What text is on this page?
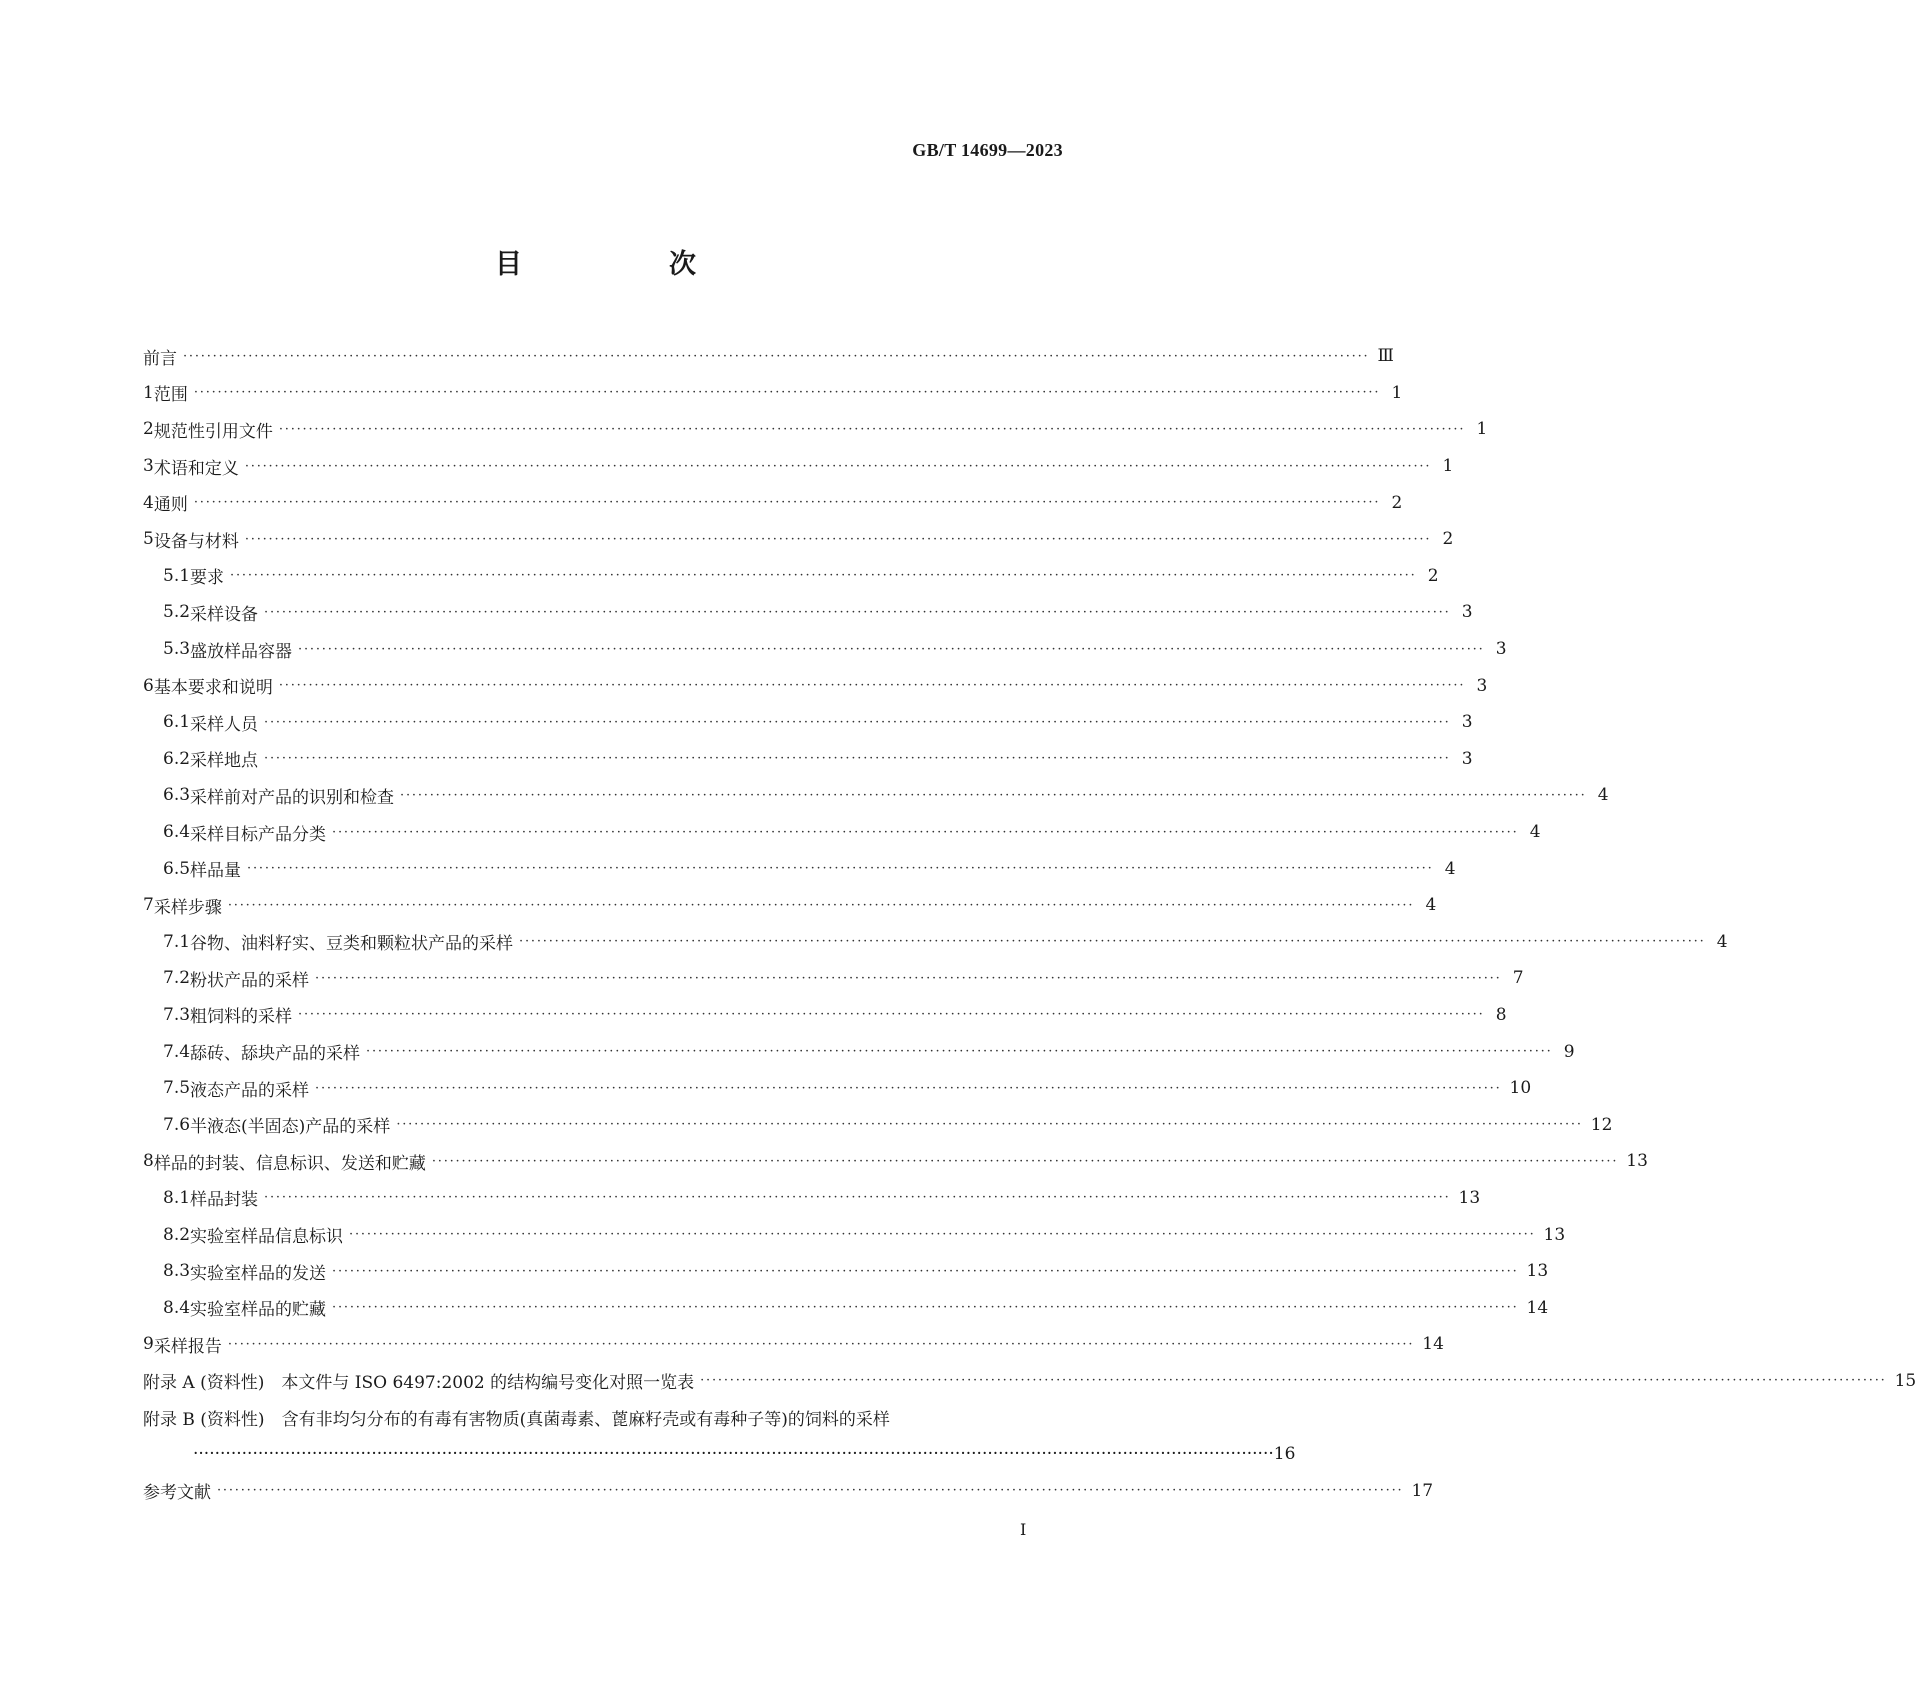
GB/T 14699—2023
目　次
前言 ········································································································································································································ Ⅲ
1 范围 ········································································································································································································ 1
2 规范性引用文件 ········································································································································································································ 1
3 术语和定义 ········································································································································································································ 1
4 通则 ········································································································································································································ 2
5 设备与材料 ········································································································································································································ 2
5.1 要求 ········································································································································································································ 2
5.2 采样设备 ········································································································································································································ 3
5.3 盛放样品容器 ········································································································································································································ 3
6 基本要求和说明 ········································································································································································································ 3
6.1 采样人员 ········································································································································································································ 3
6.2 采样地点 ········································································································································································································ 3
6.3 采样前对产品的识别和检查 ········································································································································································································ 4
6.4 采样目标产品分类 ········································································································································································································ 4
6.5 样品量 ········································································································································································································ 4
7 采样步骤 ········································································································································································································ 4
7.1 谷物、油料籽实、豆类和颗粒状产品的采样 ········································································································································································································ 4
7.2 粉状产品的采样 ········································································································································································································ 7
7.3 粗饲料的采样 ········································································································································································································ 8
7.4 舔砖、舔块产品的采样 ········································································································································································································ 9
7.5 液态产品的采样 ········································································································································································································ 10
7.6 半液态(半固态)产品的采样 ········································································································································································································ 12
8 样品的封装、信息标识、发送和贮藏 ········································································································································································································ 13
8.1 样品封装 ········································································································································································································ 13
8.2 实验室样品信息标识 ········································································································································································································ 13
8.3 实验室样品的发送 ········································································································································································································ 13
8.4 实验室样品的贮藏 ········································································································································································································ 14
9 采样报告 ········································································································································································································ 14
附录 A (资料性)　本文件与 ISO 6497:2002 的结构编号变化对照一览表 ········································································································································································································ 15
附录 B (资料性)　含有非均匀分布的有毒有害物质(真菌毒素、蓖麻籽壳或有毒种子等)的饲料的采样
········································································································································································································ 16
参考文献 ········································································································································································································ 17
I
